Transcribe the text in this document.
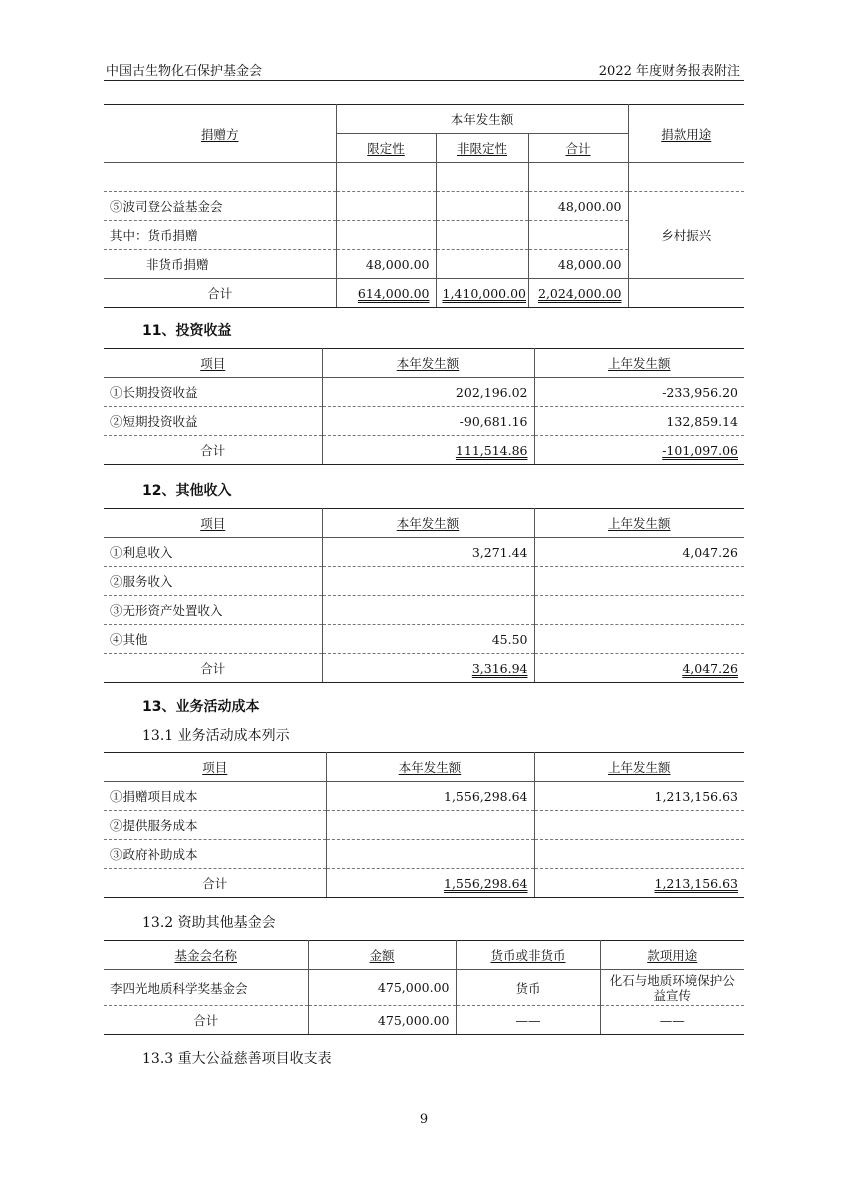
中国古生物化石保护基金会	2022 年度财务报表附注
捐赠方	本年发生额			捐款用途
	限定性	非限定性	合计	

⑤波司登公益基金会			48,000.00	乡村振兴
其中：货币捐赠				
非货币捐赠	48,000.00		48,000.00	
合计	614,000.00	1,410,000.00	2,024,000.00	
11、投资收益
项目	本年发生额	上年发生额
①长期投资收益	202,196.02	-233,956.20
②短期投资收益	-90,681.16	132,859.14
合计	111,514.86	-101,097.06
12、其他收入
项目	本年发生额	上年发生额
①利息收入	3,271.44	4,047.26
②服务收入		
③无形资产处置收入		
④其他	45.50	
合计	3,316.94	4,047.26
13、业务活动成本
13.1 业务活动成本列示
项目	本年发生额	上年发生额
①捐赠项目成本	1,556,298.64	1,213,156.63
②提供服务成本		
③政府补助成本		
合计	1,556,298.64	1,213,156.63
13.2 资助其他基金会
基金会名称	金额	货币或非货币	款项用途
李四光地质科学奖基金会	475,000.00	货币	化石与地质环境保护公益宣传
合计	475,000.00	——	——
13.3 重大公益慈善项目收支表
9
